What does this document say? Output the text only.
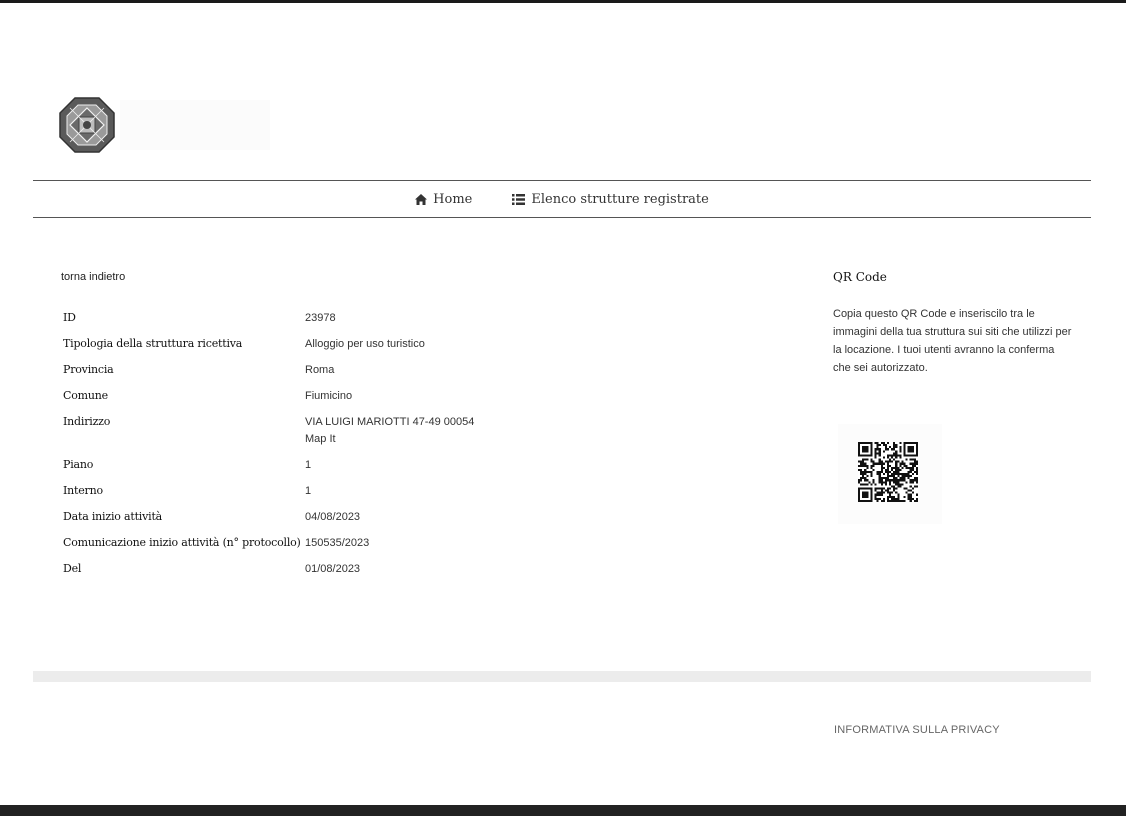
Home	Elenco strutture registrate
torna indietro
ID	23978
Tipologia della struttura ricettiva	Alloggio per uso turistico
Provincia	Roma
Comune	Fiumicino
Indirizzo	VIA LUIGI MARIOTTI 47-49 00054
Map It
Piano	1
Interno	1
Data inizio attività	04/08/2023
Comunicazione inizio attività (n° protocollo) 150535/2023
Del	01/08/2023
QR Code
Copia questo QR Code e inseriscilo tra le immagini della tua struttura sui siti che utilizzi per la locazione. I tuoi utenti avranno la conferma che sei autorizzato.
INFORMATIVA SULLA PRIVACY
